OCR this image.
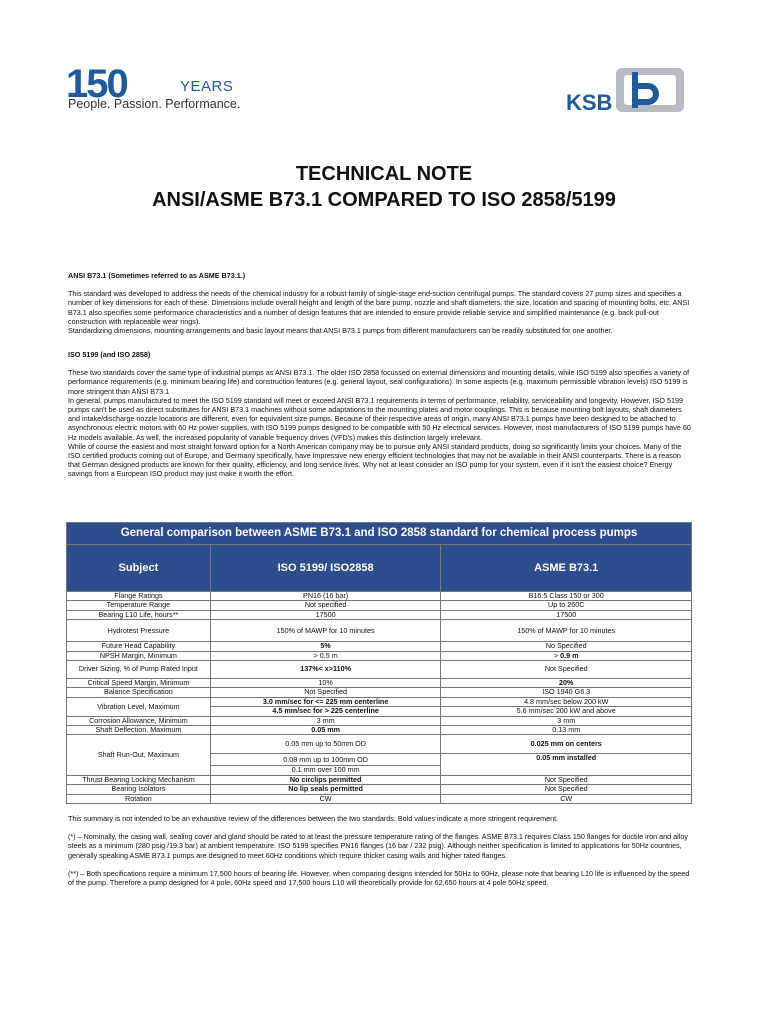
150	YEARS
People. Passion. Performance.	KSB
TECHNICAL NOTE
ANSI/ASME B73.1 COMPARED TO ISO 2858/5199

ANSI B73.1 (Sometimes referred to as ASME B73.1.)

This standard was developed to address the needs of the chemical industry for a robust family of single-stage end-suction centrifugal pumps. The standard covers 27 pump sizes and specifies a number of key dimensions for each of these. Dimensions include overall height and length of the bare pump, nozzle and shaft diameters, the size, location and spacing of mounting bolts, etc. ANSI B73.1 also specifies some performance characteristics and a number of design features that are intended to ensure provide reliable service and simplified maintenance (e.g. back pull-out construction with replaceable wear rings).

Standardizing dimensions, mounting arrangements and basic layout means that ANSI B73.1 pumps from different manufacturers can be readily substituted for one another.

ISO 5199 (and ISO 2858)

These two standards cover the same type of industrial pumps as ANSI B73.1. The older ISO 2858 focussed on external dimensions and mounting details, while ISO 5199 also specifies a variety of performance requirements (e.g. minimum bearing life) and construction features (e.g. general layout, seal configurations). In some aspects (e.g. maximum permissible vibration levels) ISO 5199 is more stringent than ANSI B73.1

In general, pumps manufactured to meet the ISO 5199 standard will meet or exceed ANSI B73.1 requirements in terms of performance, reliability, serviceability and longevity. However, ISO 5199 pumps can't be used as direct substitutes for ANSI B73.1 machines without some adaptations to the mounting plates and motor couplings. This is because mounting bolt layouts, shaft diameters and intake/discharge nozzle locations are different, even for equivalent size pumps. Because of their respective areas of origin, many ANSI B73.1 pumps have been designed to be attached to asynchronous electric motors with 60 Hz power supplies, with ISO 5199 pumps designed to be compatible with 50 Hz electrical services. However, most manufacturers of ISO 5199 pumps have 60 Hz models available. As well, the increased popularity of variable frequency drives (VFD's) makes this distinction largely irrelevant.

While of course the easiest and most straight forward option for a North American company may be to pursue only ANSI standard products, doing so significantly limits your choices. Many of the ISO certified products coming out of Europe, and Germany specifically, have impressive new energy efficient technologies that may not be available in their ANSI counterparts. There is a reason that German designed products are known for their quality, efficiency, and long service lives. Why not at least consider an ISO pump for your system, even if it isn't the easiest choice? Energy savings from a European ISO product may just make it worth the effort.

General comparison between ASME B73.1 and ISO 2858 standard for chemical process pumps		
Subject	ISO 5199/ ISO2858	ASME B73.1
Flange Ratings	PN16 (16 bar)	B16.5 Class 150 or 300
Temperature Range	Not specified	Up to 260C
Bearing L10 Life, hours**	17500	17500
Hydrotest Pressure	150% of MAWP for 10 minutes	150% of MAWP for 10 minutes
Future Head Capability	5%	No Specified
NPSH Margin, Minimum	> 0.5 m	> 0.9 m
Driver Sizing, % of Pump Rated Input	137%< x>110%	Not Specified
Critical Speed Margin, Minimum	10%	20%
Balance Specification	Not Specified	ISO 1940 G6.3
Vibration Level, Maximum	3.0 mm/sec for <= 225 mm centerline	4.8 mm/sec below 200 kW
	4.5 mm/sec for > 225 centerline	5.6 mm/sec 200 kW and above
Corrosion Allowance, Minimum	3 mm	3 mm
Shaft Deflection, Maximum	0.05 mm	0.13 mm
Shaft Run-Out, Maximum	0.05 mm up to 50mm OD	0.025 mm on centers
	0.08 mm up to 100mm OD	0.05 mm installed
	0.1 mm over 100 mm	
Thrust Bearing Locking Mechanism	No circlips permitted	Not Specified
Bearing Isolators	No lip seals permitted	Not Specified
Rotation	CW	CW

This summary is not intended to be an exhaustive review of the differences between the two standards. Bold values indicate a more stringent requirement.

(*) – Nominally, the casing wall, sealing cover and gland should be rated to at least the pressure temperature rating of the flanges. ASME B73.1 requires Class 150 flanges for ductile iron and alloy steels as a minimum (280 psig /19.3 bar) at ambient temperature. ISO 5199 specifies PN16 flanges (16 bar / 232 psig). Although neither specification is limited to applications for 50Hz countries, generally speaking ASME B73.1 pumps are designed to meet 60Hz conditions which require thicker casing walls and higher rated flanges.

(**) – Both specifications require a minimum 17,500 hours of bearing life. However, when comparing designs intended for 50Hz to 60Hz, please note that bearing L10 life is influenced by the speed of the pump. Therefore a pump designed for 4 pole, 60Hz speed and 17,500 hours L10 will theoretically provide for 62,650 hours at 4 pole 50Hz speed.
